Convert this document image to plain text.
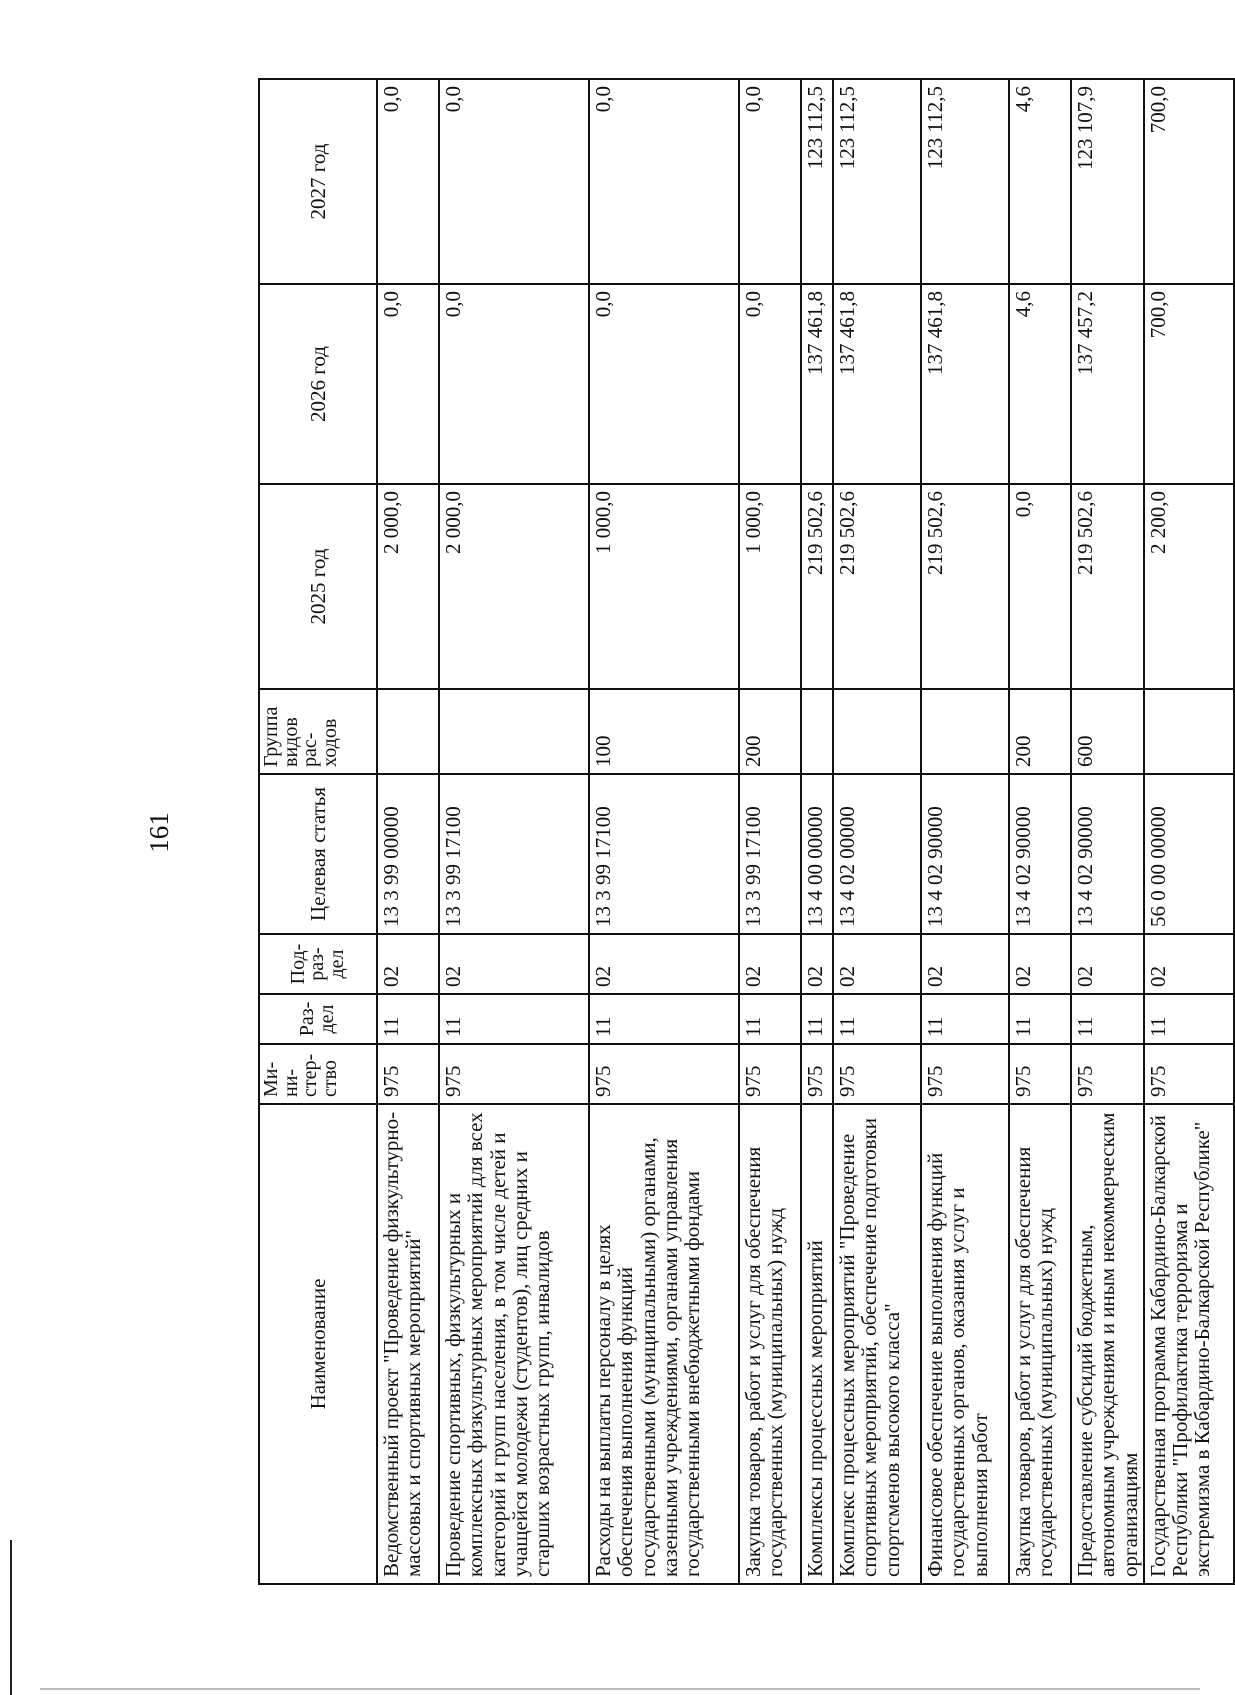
161
Наименование	Ми-ни-стер-ство	Раз-дел	Под-раз-дел	Целевая статья	Группа видов рас-ходов	2025 год	2026 год	2027 год
Ведомственный проект "Проведение физкультурно-массовых и спортивных мероприятий"	975	11	02	13 3 99 00000		2 000,0	0,0	0,0
Проведение спортивных, физкультурных и комплексных физкультурных мероприятий для всех категорий и групп населения, в том числе детей и учащейся молодежи (студентов), лиц средних и старших возрастных групп, инвалидов	975	11	02	13 3 99 17100		2 000,0	0,0	0,0
Расходы на выплаты персоналу в целях обеспечения выполнения функций государственными (муниципальными) органами, казенными учреждениями, органами управления государственными внебюджетными фондами	975	11	02	13 3 99 17100	100	1 000,0	0,0	0,0
Закупка товаров, работ и услуг для обеспечения государственных (муниципальных) нужд	975	11	02	13 3 99 17100	200	1 000,0	0,0	0,0
Комплексы процессных мероприятий	975	11	02	13 4 00 00000		219 502,6	137 461,8	123 112,5
Комплекс процессных мероприятий "Проведение спортивных мероприятий, обеспечение подготовки спортсменов высокого класса"	975	11	02	13 4 02 00000		219 502,6	137 461,8	123 112,5
Финансовое обеспечение выполнения функций государственных органов, оказания услуг и выполнения работ	975	11	02	13 4 02 90000		219 502,6	137 461,8	123 112,5
Закупка товаров, работ и услуг для обеспечения государственных (муниципальных) нужд	975	11	02	13 4 02 90000	200	0,0	4,6	4,6
Предоставление субсидий бюджетным, автономным учреждениям и иным некоммерческим организациям	975	11	02	13 4 02 90000	600	219 502,6	137 457,2	123 107,9
Государственная программа Кабардино-Балкарской Республики "Профилактика терроризма и экстремизма в Кабардино-Балкарской Республике"	975	11	02	56 0 00 00000		2 200,0	700,0	700,0
